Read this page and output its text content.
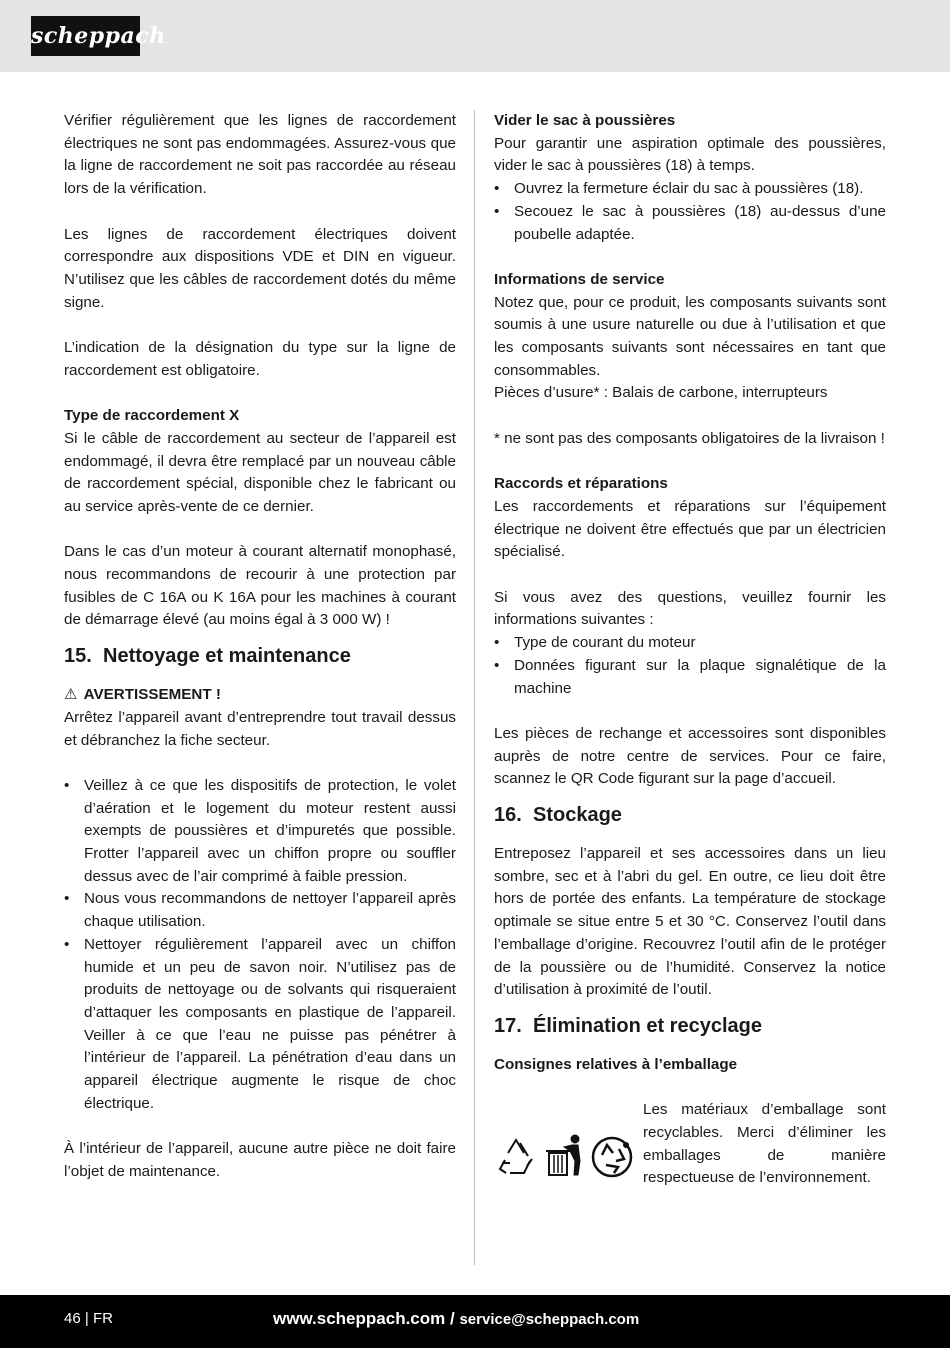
scheppach

Vérifier régulièrement que les lignes de raccordement électriques ne sont pas endommagées. Assurez-vous que la ligne de raccordement ne soit pas raccordée au réseau lors de la vérification.

Les lignes de raccordement électriques doivent correspondre aux dispositions VDE et DIN en vigueur. N’utilisez que les câbles de raccordement dotés du même signe.

L’indication de la désignation du type sur la ligne de raccordement est obligatoire.

Type de raccordement X

Si le câble de raccordement au secteur de l’appareil est endommagé, il devra être remplacé par un nouveau câble de raccordement spécial, disponible chez le fabricant ou au service après-vente de ce dernier.

Dans le cas d’un moteur à courant alternatif monophasé, nous recommandons de recourir à une protection par fusibles de C 16A ou K 16A pour les machines à courant de démarrage élevé (au moins égal à 3 000 W) !

15. Nettoyage et maintenance
⚠ AVERTISSEMENT !

Arrêtez l’appareil avant d’entreprendre tout travail dessus et débranchez la fiche secteur.

• Veillez à ce que les dispositifs de protection, le volet d’aération et le logement du moteur restent aussi exempts de poussières et d’impuretés que possible. Frotter l’appareil avec un chiffon propre ou souffler dessus avec de l’air comprimé à faible pression.
• Nous vous recommandons de nettoyer l’appareil après chaque utilisation.
• Nettoyer régulièrement l’appareil avec un chiffon humide et un peu de savon noir. N’utilisez pas de produits de nettoyage ou de solvants qui risqueraient d’attaquer les composants en plastique de l’appareil. Veiller à ce que l’eau ne puisse pas pénétrer à l’intérieur de l’appareil. La pénétration d’eau dans un appareil électrique augmente le risque de choc électrique.

À l’intérieur de l’appareil, aucune autre pièce ne doit faire l’objet de maintenance.

Vider le sac à poussières

Pour garantir une aspiration optimale des poussières, vider le sac à poussières (18) à temps.

• Ouvrez la fermeture éclair du sac à poussières (18).
• Secouez le sac à poussières (18) au-dessus d’une poubelle adaptée.
Informations de service

Notez que, pour ce produit, les composants suivants sont soumis à une usure naturelle ou due à l’utilisation et que les composants suivants sont nécessaires en tant que consommables.

Pièces d’usure* : Balais de carbone, interrupteurs

* ne sont pas des composants obligatoires de la livraison !

Raccords et réparations

Les raccordements et réparations sur l’équipement électrique ne doivent être effectués que par un électricien spécialisé.

Si vous avez des questions, veuillez fournir les informations suivantes :

• Type de courant du moteur
• Données figurant sur la plaque signalétique de la machine

Les pièces de rechange et accessoires sont disponibles auprès de notre centre de services. Pour ce faire, scannez le QR Code figurant sur la page d’accueil.

16. Stockage

Entreposez l’appareil et ses accessoires dans un lieu sombre, sec et à l’abri du gel. En outre, ce lieu doit être hors de portée des enfants. La température de stockage optimale se situe entre 5 et 30 °C. Conservez l’outil dans l’emballage d’origine. Recouvrez l’outil afin de le protéger de la poussière ou de l’humidité. Conservez la notice d’utilisation à proximité de l’outil.

17. Élimination et recyclage
Consignes relatives à l’emballage

Les matériaux d’emballage sont recyclables. Merci d’éliminer les emballages de manière respectueuse de l’environnement.

46 | FR	www.scheppach.com / service@scheppach.com
